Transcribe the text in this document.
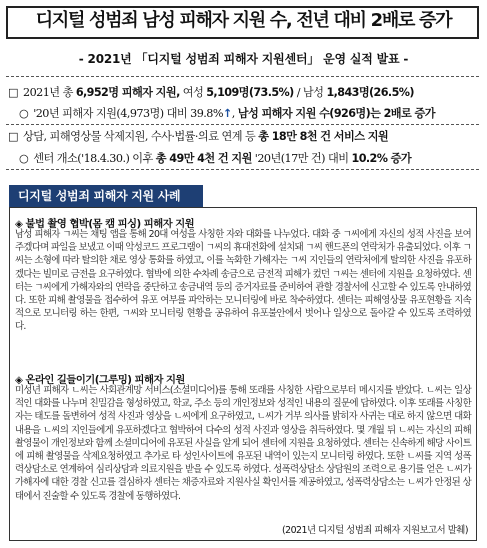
디지털 성범죄 남성 피해자 지원 수, 전년 대비 2배로 증가
- 2021년 「디지털 성범죄 피해자 지원센터」 운영 실적 발표 -
□ 2021년 총 6,952명 피해자 지원, 여성 5,109명(73.5%) / 남성 1,843명(26.5%)
○ '20년 피해자 지원(4,973명) 대비 39.8%↑, 남성 피해자 지원 수(926명)는 2배로 증가
□ 상담, 피해영상물 삭제지원, 수사·법률·의료 연계 등 총 18만 8천 건 서비스 지원
○ 센터 개소('18.4.30.) 이후 총 49만 4천 건 지원 '20년(17만 건) 대비 10.2% 증가
디지털 성범죄 피해자 지원 사례
◈ 불법 촬영 협박(몸 캠 피싱) 피해자 지원
남성 피해자 ㄱ씨는 채팅 앱을 통해 20대 여성을 사칭한 자와 대화를 나누었다. 대화 중 ㄱ씨에게 자신의 성적 사진을 보여주겠다며 파일을 보냈고 이때 악성코드 프로그램이 ㄱ씨의 휴대전화에 설치돼 ㄱ씨 핸드폰의 연락처가 유출되었다. 이후 ㄱ씨는 소형에 따라 탈의한 채로 영상 통화를 하였고, 이를 녹화한 가해자는 ㄱ씨 지인들의 연락처에게 탈의한 사진을 유포하겠다는 빌미로 금전을 요구하였다. 협박에 의한 수차례 송금으로 금전적 피해가 컸던 ㄱ씨는 센터에 지원을 요청하였다. 센터는 ㄱ씨에게 가해자와의 연락을 중단하고 송금내역 등의 증거자료를 준비하여 관할 경찰서에 신고할 수 있도록 안내하였다. 또한 피해 촬영물을 접수하여 유포 여부를 파악하는 모니터링에 바로 착수하였다. 센터는 피해영상물 유포현황을 지속적으로 모니터링 하는 한편, ㄱ씨와 모니터링 현황을 공유하여 유포불안에서 벗어나 일상으로 돌아갈 수 있도록 조력하였다.
◈ 온라인 길들이기(그루밍) 피해자 지원
미성년 피해자 ㄴ씨는 사회관계망 서비스(소셜미디어)를 통해 또래를 사칭한 사람으로부터 메시지를 받았다. ㄴ씨는 일상적인 대화를 나누며 친밀감을 형성하였고, 학교, 주소 등의 개인정보와 성적인 내용의 질문에 답하였다. 이후 또래를 사칭한 자는 태도를 돌변하여 성적 사진과 영상을 ㄴ씨에게 요구하였고, ㄴ씨가 거부 의사를 밝히자 사귀는 대로 하지 않으면 대화 내용을 ㄴ씨의 지인들에게 유포하겠다고 협박하여 다수의 성적 사진과 영상을 취득하였다. 몇 개월 뒤 ㄴ씨는 자신의 피해 촬영물이 개인정보와 함께 소셜미디어에 유포된 사실을 알게 되어 센터에 지원을 요청하였다. 센터는 신속하게 해당 사이트에 피해 촬영물을 삭제요청하였고 추가로 타 성인사이트에 유포된 내역이 있는지 모니터링 하였다. 또한 ㄴ씨를 지역 성폭력상담소로 연계하여 심리상담과 의료지원을 받을 수 있도록 하였다. 성폭력상담소 상담원의 조력으로 용기를 얻은 ㄴ씨가 가해자에 대한 경찰 신고를 결심하자 센터는 채증자료와 지원사실 확인서를 제공하였고, 성폭력상담소는 ㄴ씨가 안정된 상태에서 진술할 수 있도록 경찰에 동행하였다.
(2021년 디지털 성범죄 피해자 지원보고서 발췌)
